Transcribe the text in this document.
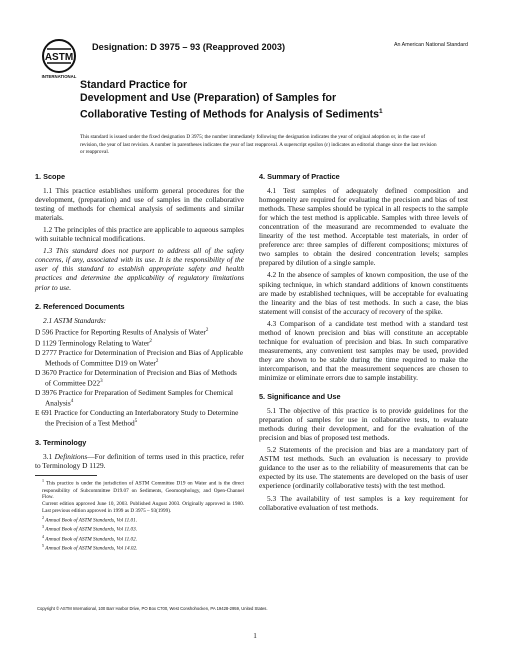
ASTM
INTERNATIONAL
Designation: D 3975 – 93 (Reapproved 2003)	An American National Standard
Standard Practice for
Development and Use (Preparation) of Samples for
Collaborative Testing of Methods for Analysis of Sediments$^1$
This standard is issued under the fixed designation D 3975; the number immediately following the designation indicates the year of original adoption or, in the case of revision, the year of last revision. A number in parentheses indicates the year of last reapproval. A superscript epsilon (ε) indicates an editorial change since the last revision or reapproval.
1. Scope

1.1 This practice establishes uniform general procedures for the development, (preparation) and use of samples in the collaborative testing of methods for chemical analysis of sediments and similar materials.

1.2 The principles of this practice are applicable to aqueous samples with suitable technical modifications.

1.3 This standard does not purport to address all of the safety concerns, if any, associated with its use. It is the responsibility of the user of this standard to establish appropriate safety and health practices and determine the applicability of regulatory limitations prior to use.

2. Referenced Documents
2.1 ASTM Standards:
D 596 Practice for Reporting Results of Analysis of Water$^2$
D 1129 Terminology Relating to Water$^2$
D 2777 Practice for Determination of Precision and Bias of Applicable Methods of Committee D19 on Water$^2$
D 3670 Practice for Determination of Precision and Bias of Methods of Committee $D22^3$
D 3976 Practice for Preparation of Sediment Samples for Chemical Analysis$^4$
E 691 Practice for Conducting an Interlaboratory Study to Determine the Precision of a Test Method$^5$
3. Terminology

3.1 Definitions—For definition of terms used in this practice, refer to Terminology D 1129.

4. Summary of Practice

4.1 Test samples of adequately defined composition and homogeneity are required for evaluating the precision and bias of test methods. These samples should be typical in all respects to the sample for which the test method is applicable. Samples with three levels of concentration of the measurand are recommended to evaluate the linearity of the test method. Acceptable test materials, in order of preference are: three samples of different compositions; mixtures of two samples to obtain the desired concentration levels; samples prepared by dilution of a single sample.

4.2 In the absence of samples of known composition, the use of the spiking technique, in which standard additions of known constituents are made by established techniques, will be acceptable for evaluating the linearity and the bias of test methods. In such a case, the bias statement will consist of the accuracy of recovery of the spike.

4.3 Comparison of a candidate test method with a standard test method of known precision and bias will constitute an acceptable technique for evaluation of precision and bias. In such comparative measurements, any convenient test samples may be used, provided they are shown to be stable during the time required to make the intercomparison, and that the measurement sequences are chosen to minimize or eliminate errors due to sample instability.

5. Significance and Use

5.1 The objective of this practice is to provide guidelines for the preparation of samples for use in collaborative tests, to evaluate methods during their development, and for the evaluation of the precision and bias of proposed test methods.

5.2 Statements of the precision and bias are a mandatory part of ASTM test methods. Such an evaluation is necessary to provide guidance to the user as to the reliability of measurements that can be expected by its use. The statements are developed on the basis of user experience (ordinarily collaborative tests) with the test method.

5.3 The availability of test samples is a key requirement for collaborative evaluation of test methods.

$^1$ This practice is under the jurisdiction of ASTM Committee D19 on Water and is the direct responsibility of Subcommittee D19.07 on Sediments, Geomorphology, and Open-Channel Flow.
Current edition approved June 10, 2003. Published August 2003. Originally approved in 1980. Last previous edition approved in 1999 as D 3975 – 93(1999).
$^2$ Annual Book of ASTM Standards, Vol 11.01.
$^3$ Annual Book of ASTM Standards, Vol 11.03.
$^4$ Annual Book of ASTM Standards, Vol 11.02.
$^5$ Annual Book of ASTM Standards, Vol 14.02.
Copyright © ASTM International, 100 Barr Harbor Drive, PO Box C700, West Conshohocken, PA 19428-2959, United States.
1
